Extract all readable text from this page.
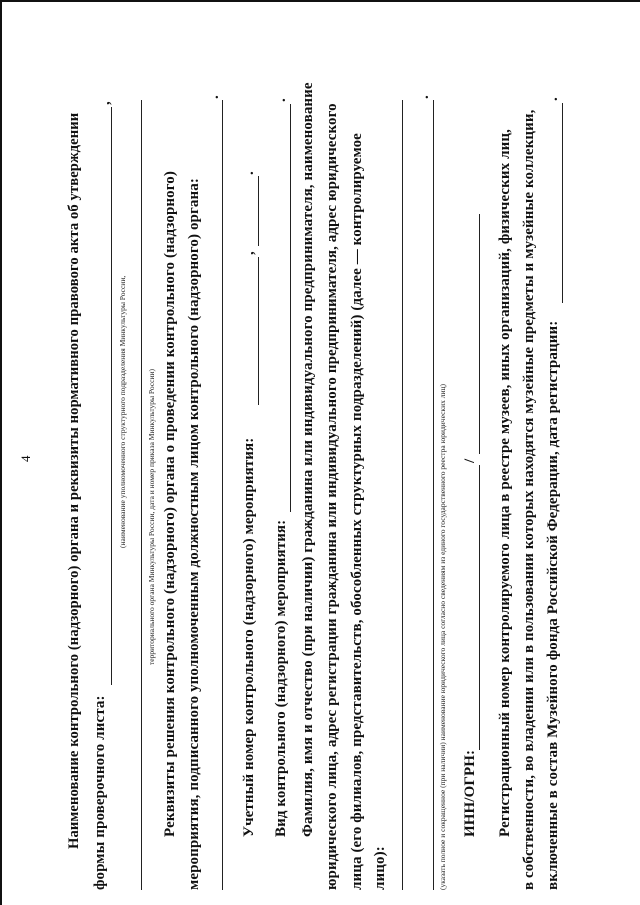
4 Наименование контрольного (надзорного) органа и реквизиты нормативного правового акта об утверждении формы проверочного листа:
,
(наименование уполномоченного структурного подразделения Минкультуры России,	территориального органа Минкультуры России, дата и номер приказа Минкультуры России) Реквизиты решения контрольного (надзорного) органа о проведении контрольного (надзорного) мероприятия, подписанного уполномоченным должностным лицом контрольного (надзорного) органа:
.
Учетный номер контрольного (надзорного) мероприятия:
,
.
Вид контрольного (надзорного) мероприятия:
. Фамилия, имя и отчество (при наличии) гражданина или индивидуального предпринимателя, наименование юридического лица, адрес регистрации гражданина или индивидуального предпринимателя, адрес юридического лица (его филиалов, представительств, обособленных структурных подразделений) (далее — контролируемое лицо):
.
(указать полное и сокращенное (при наличии) наименование юридического лица согласно сведениям из единого государственного реестра юридических лиц) ИНН/ОГРН:
/ Регистрационный номер контролируемого лица в реестре музеев, иных организаций, физических лиц, в собственности, во владении или в пользовании которых находятся музейные предметы и музейные коллекции, включенные в состав Музейного фонда Российской Федерации, дата регистрации:
.
